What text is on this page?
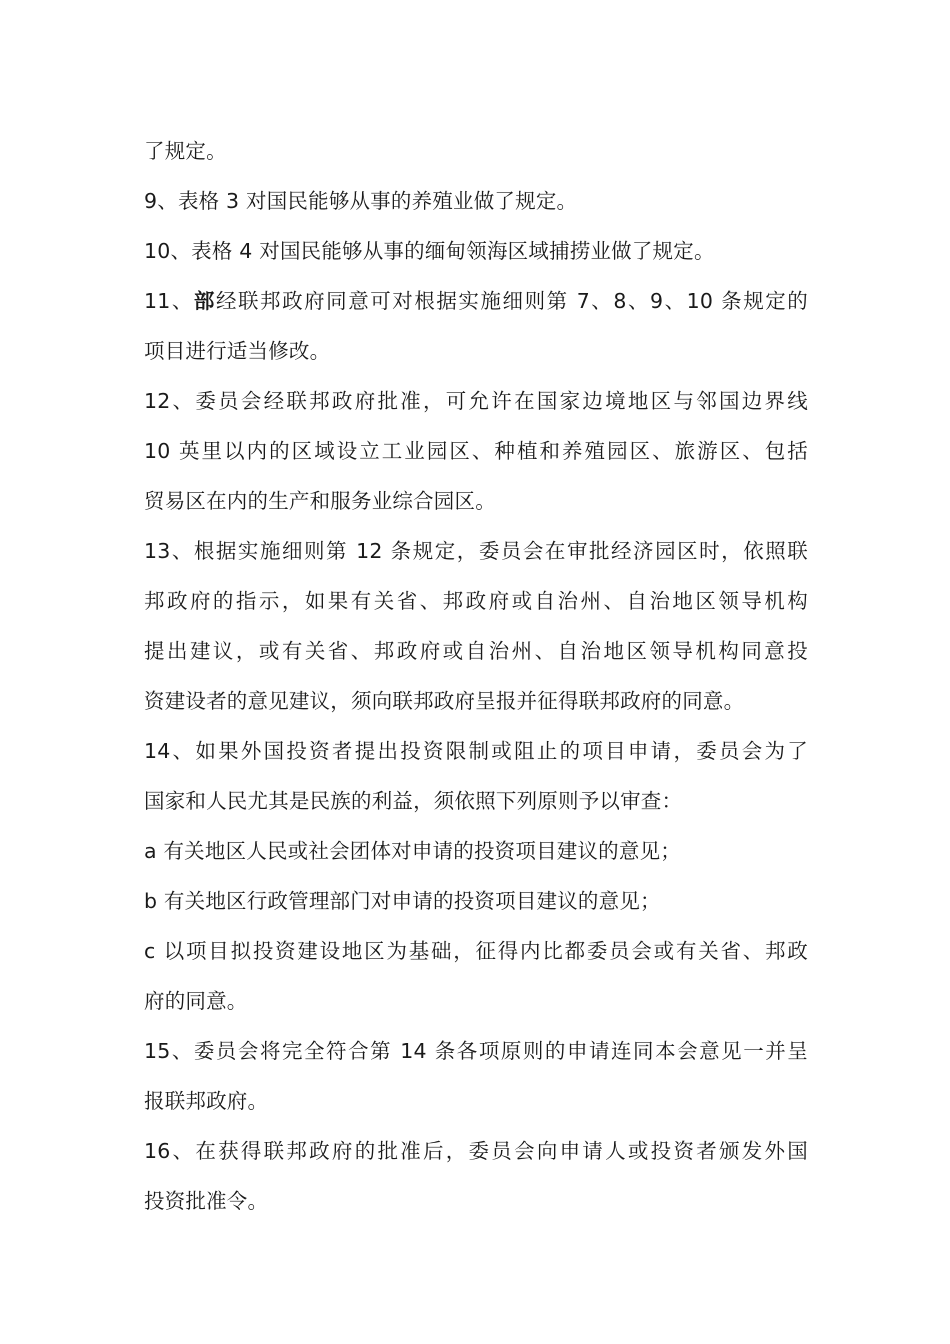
了规定。
9、表格 3 对国民能够从事的养殖业做了规定。
10、表格 4 对国民能够从事的缅甸领海区域捕捞业做了规定。
11、部经联邦政府同意可对根据实施细则第 7、8、9、10 条规定的
项目进行适当修改。
12、委员会经联邦政府批准，可允许在国家边境地区与邻国边界线
10 英里以内的区域设立工业园区、种植和养殖园区、旅游区、包括
贸易区在内的生产和服务业综合园区。
13、根据实施细则第 12 条规定，委员会在审批经济园区时，依照联
邦政府的指示，如果有关省、邦政府或自治州、自治地区领导机构
提出建议，或有关省、邦政府或自治州、自治地区领导机构同意投
资建设者的意见建议，须向联邦政府呈报并征得联邦政府的同意。
14、如果外国投资者提出投资限制或阻止的项目申请，委员会为了
国家和人民尤其是民族的利益，须依照下列原则予以审查：
a 有关地区人民或社会团体对申请的投资项目建议的意见；
b 有关地区行政管理部门对申请的投资项目建议的意见；
c 以项目拟投资建设地区为基础，征得内比都委员会或有关省、邦政
府的同意。
15、委员会将完全符合第 14 条各项原则的申请连同本会意见一并呈
报联邦政府。
16、在获得联邦政府的批准后，委员会向申请人或投资者颁发外国
投资批准令。
